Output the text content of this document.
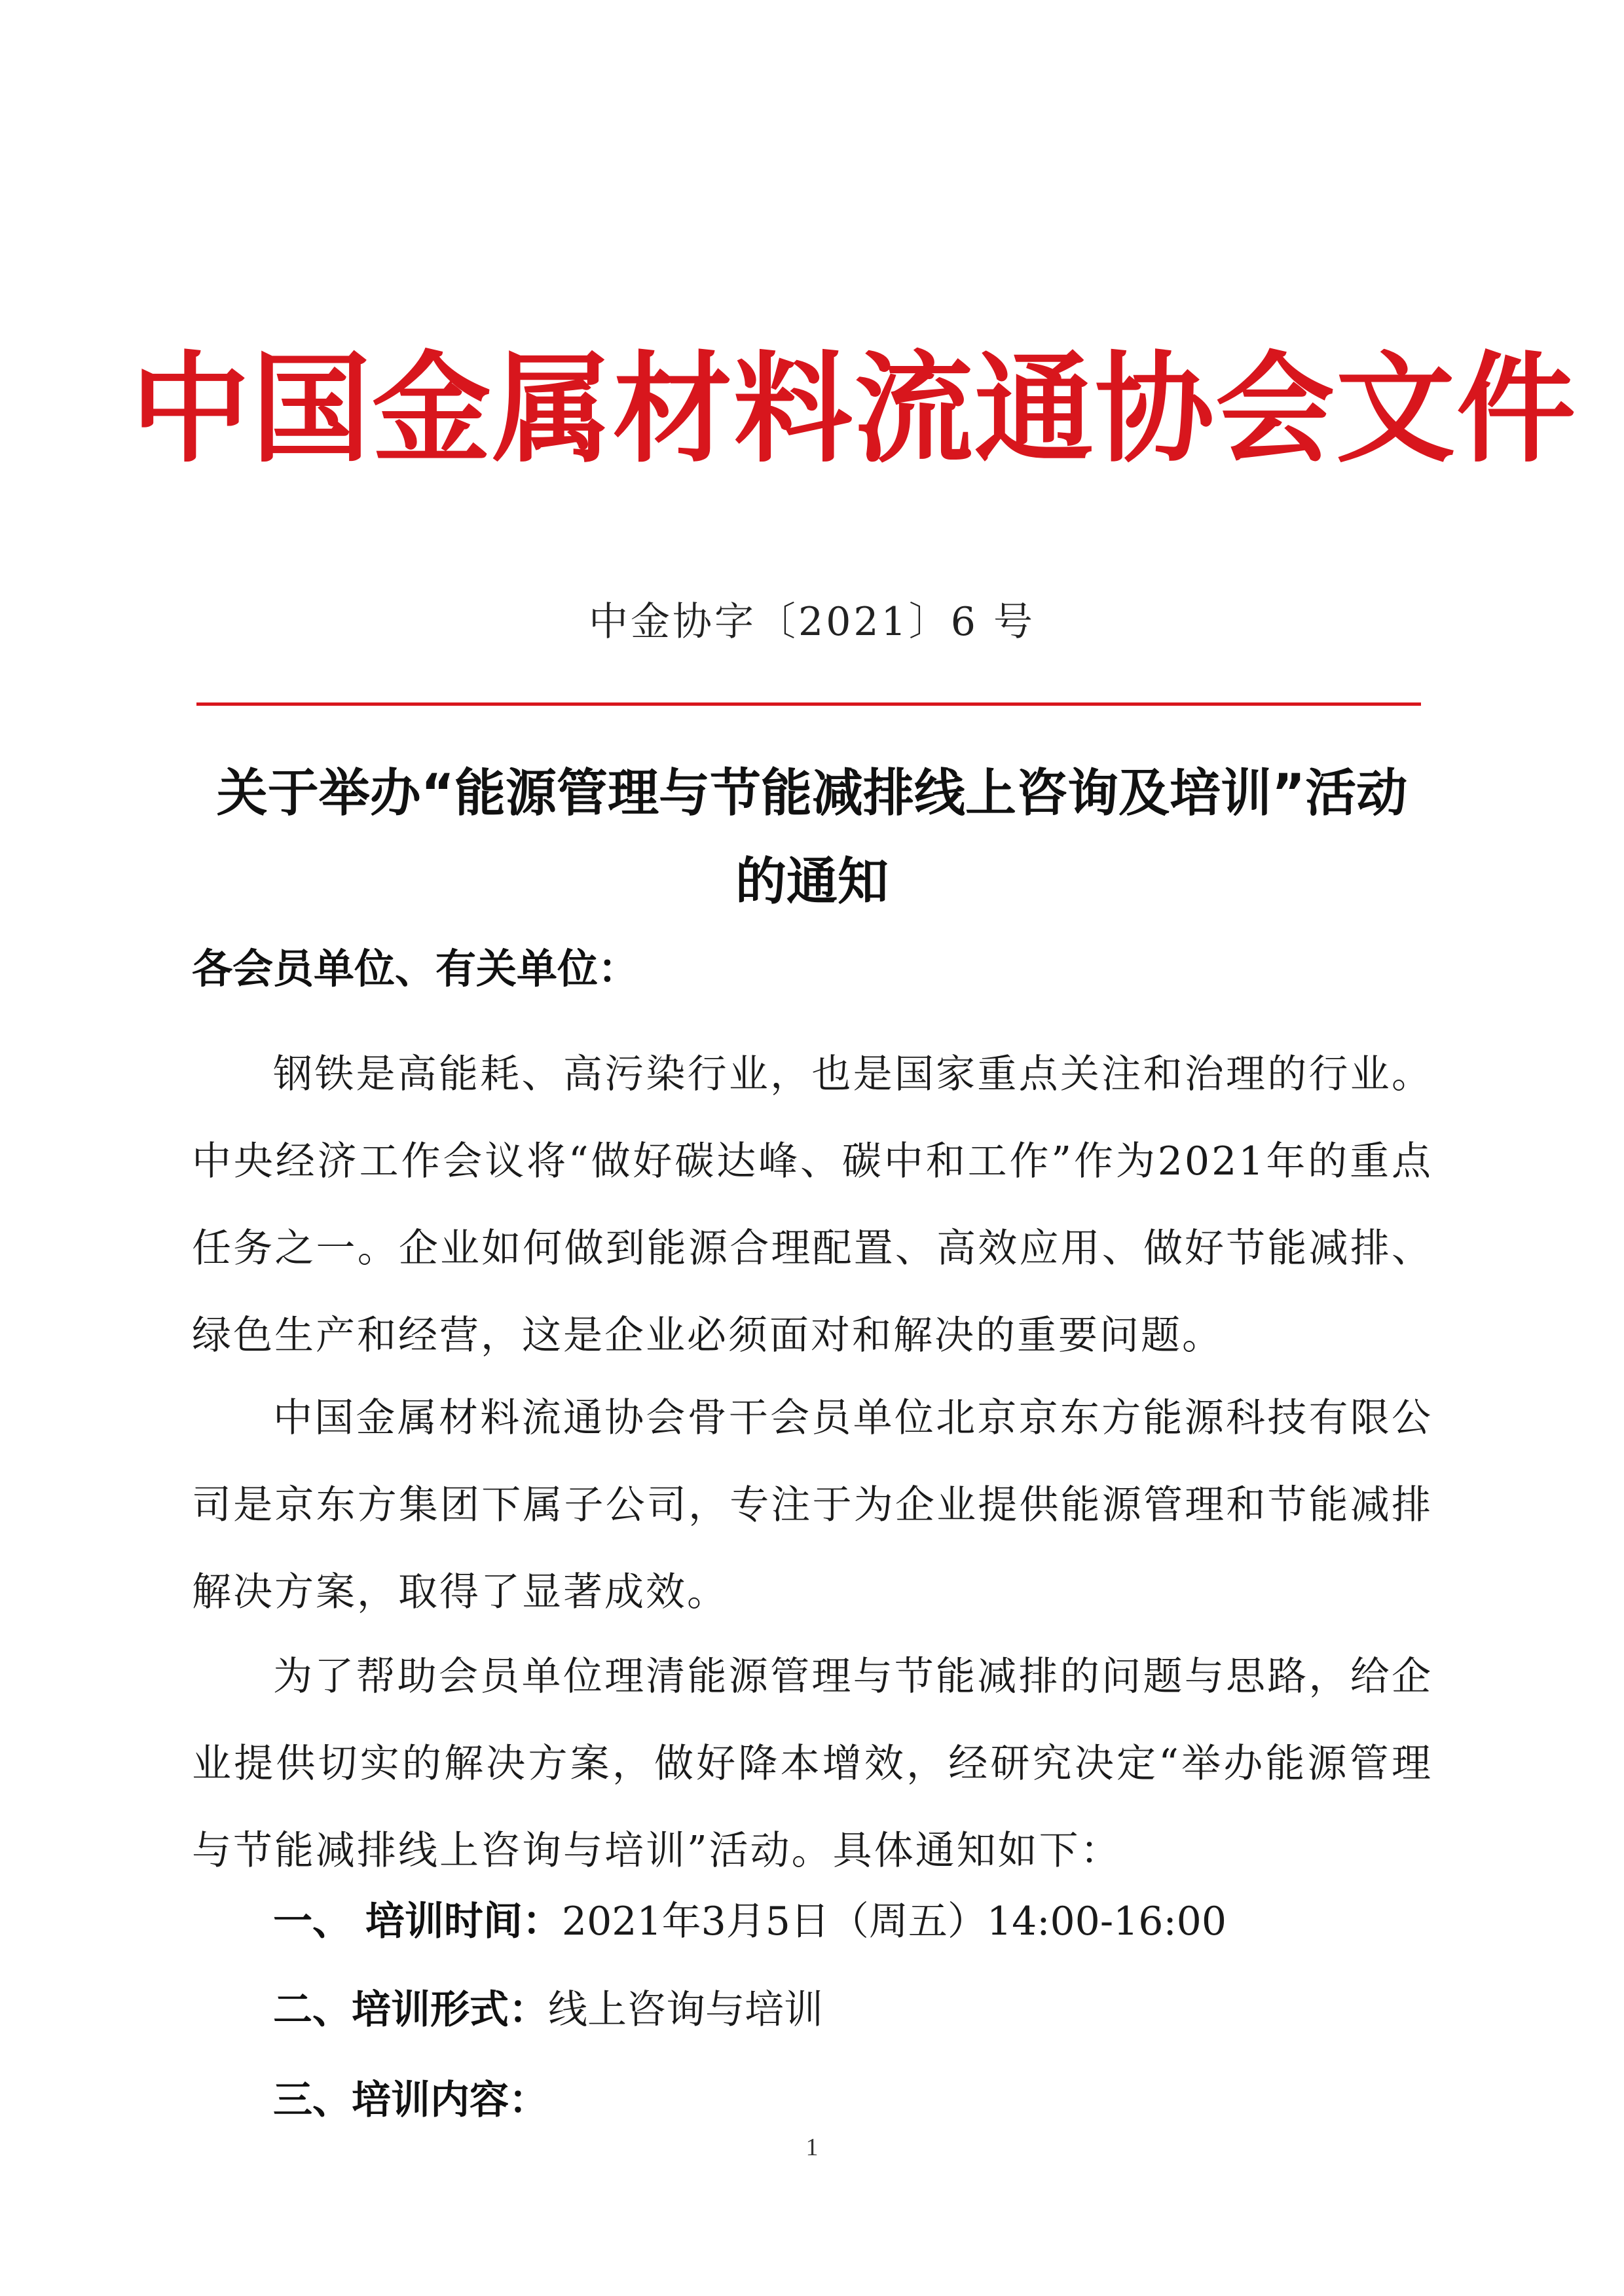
中国金属材料流通协会文件
中金协字〔2021〕6 号
关于举办“能源管理与节能减排线上咨询及培训”活动的通知
各会员单位、有关单位：
钢铁是高能耗、高污染行业，也是国家重点关注和治理的行业。中央经济工作会议将“做好碳达峰、碳中和工作”作为2021年的重点任务之一。企业如何做到能源合理配置、高效应用、做好节能减排、绿色生产和经营，这是企业必须面对和解决的重要问题。
中国金属材料流通协会骨干会员单位北京京东方能源科技有限公司是京东方集团下属子公司，专注于为企业提供能源管理和节能减排解决方案，取得了显著成效。
为了帮助会员单位理清能源管理与节能减排的问题与思路，给企业提供切实的解决方案，做好降本增效，经研究决定“举办能源管理与节能减排线上咨询与培训”活动。具体通知如下：
一、 培训时间：2021年3月5日（周五）14:00-16:00
二、培训形式：线上咨询与培训
三、培训内容：
1
